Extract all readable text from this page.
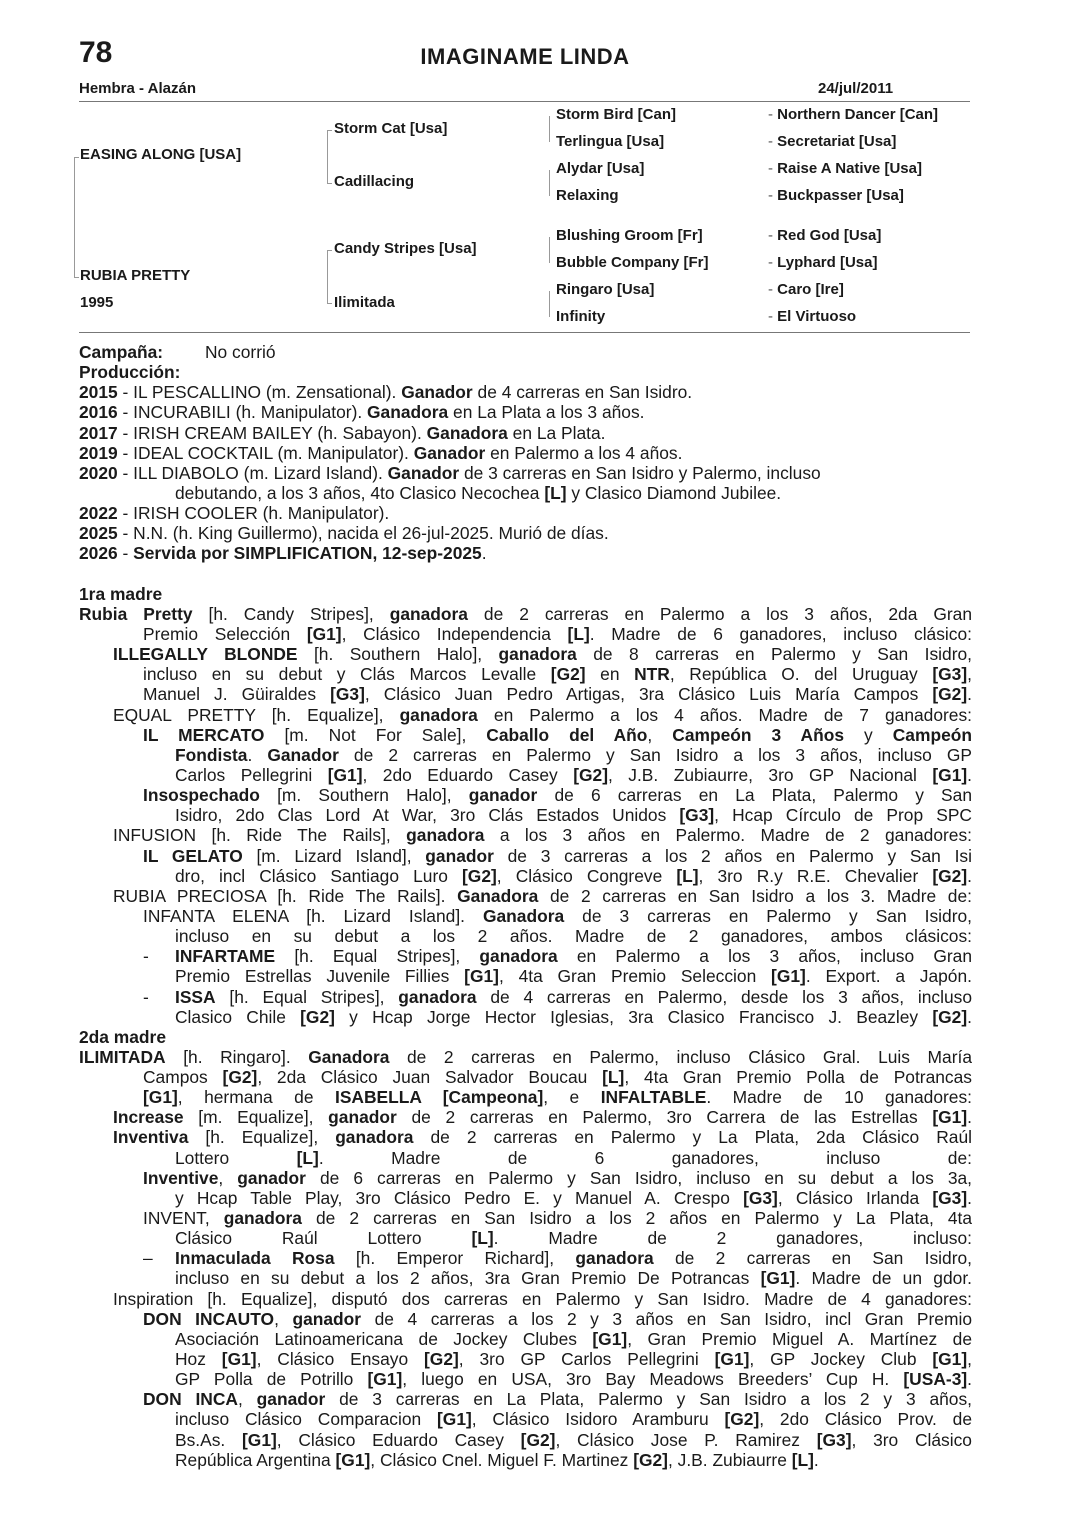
78	IMAGINAME LINDA
Hembra - Alazán	24/jul/2011
EASING ALONG [USA]
RUBIA PRETTY
1995
Storm Cat [Usa]
Cadillacing
Candy Stripes [Usa]
Ilimitada
Storm Bird [Can]
Terlingua [Usa]
Alydar [Usa]
Relaxing
Blushing Groom [Fr]
Bubble Company [Fr]
Ringaro [Usa]
Infinity
- Northern Dancer [Can]
- Secretariat [Usa]
- Raise A Native [Usa]
- Buckpasser [Usa]
- Red God [Usa]
- Lyphard [Usa]
- Caro [Ire]
- El Virtuoso
Campaña: No corrió
Producción:
2015 - IL PESCALLINO (m. Zensational). Ganador de 4 carreras en San Isidro.
2016 - INCURABILI (h. Manipulator). Ganadora en La Plata a los 3 años.
2017 - IRISH CREAM BAILEY (h. Sabayon). Ganadora en La Plata.
2019 - IDEAL COCKTAIL (m. Manipulator). Ganador en Palermo a los 4 años.
2020 - ILL DIABOLO (m. Lizard Island). Ganador de 3 carreras en San Isidro y Palermo, incluso
debutando, a los 3 años, 4to Clasico Necochea [L] y Clasico Diamond Jubilee.
2022 - IRISH COOLER (h. Manipulator).
2025 - N.N. (h. King Guillermo), nacida el 26-jul-2025. Murió de días.
2026 - Servida por SIMPLIFICATION, 12-sep-2025.
1ra madre
Rubia Pretty [h. Candy Stripes], ganadora de 2 carreras en Palermo a los 3 años, 2da Gran
Premio Selección [G1], Clásico Independencia [L]. Madre de 6 ganadores, incluso clásico:
ILLEGALLY BLONDE [h. Southern Halo], ganadora de 8 carreras en Palermo y San Isidro,
incluso en su debut y Clás Marcos Levalle [G2] en NTR, República O. del Uruguay [G3],
Manuel J. Güiraldes [G3], Clásico Juan Pedro Artigas, 3ra Clásico Luis María Campos [G2].
EQUAL PRETTY [h. Equalize], ganadora en Palermo a los 4 años. Madre de 7 ganadores:
IL MERCATO [m. Not For Sale], Caballo del Año, Campeón 3 Años y Campeón
Fondista. Ganador de 2 carreras en Palermo y San Isidro a los 3 años, incluso GP
Carlos Pellegrini [G1], 2do Eduardo Casey [G2], J.B. Zubiaurre, 3ro GP Nacional [G1].
Insospechado [m. Southern Halo], ganador de 6 carreras en La Plata, Palermo y San
Isidro, 2do Clas Lord At War, 3ro Clás Estados Unidos [G3], Hcap Círculo de Prop SPC
INFUSION [h. Ride The Rails], ganadora a los 3 años en Palermo. Madre de 2 ganadores:
IL GELATO [m. Lizard Island], ganador de 3 carreras a los 2 años en Palermo y San Isi
dro, incl Clásico Santiago Luro [G2], Clásico Congreve [L], 3ro R.y R.E. Chevalier [G2].
RUBIA PRECIOSA [h. Ride The Rails]. Ganadora de 2 carreras en San Isidro a los 3. Madre de:
INFANTA ELENA [h. Lizard Island]. Ganadora de 3 carreras en Palermo y San Isidro,
incluso en su debut a los 2 años. Madre de 2 ganadores, ambos clásicos:
- INFARTAME [h. Equal Stripes], ganadora en Palermo a los 3 años, incluso Gran
Premio Estrellas Juvenile Fillies [G1], 4ta Gran Premio Seleccion [G1]. Export. a Japón.
- ISSA [h. Equal Stripes], ganadora de 4 carreras en Palermo, desde los 3 años, incluso
Clasico Chile [G2] y Hcap Jorge Hector Iglesias, 3ra Clasico Francisco J. Beazley [G2].
2da madre
ILIMITADA [h. Ringaro]. Ganadora de 2 carreras en Palermo, incluso Clásico Gral. Luis María
Campos [G2], 2da Clásico Juan Salvador Boucau [L], 4ta Gran Premio Polla de Potrancas
[G1], hermana de ISABELLA [Campeona], e INFALTABLE. Madre de 10 ganadores:
Increase [m. Equalize], ganador de 2 carreras en Palermo, 3ro Carrera de las Estrellas [G1].
Inventiva [h. Equalize], ganadora de 2 carreras en Palermo y La Plata, 2da Clásico Raúl
Lottero [L]. Madre de 6 ganadores, incluso de:
Inventive, ganador de 6 carreras en Palermo y San Isidro, incluso en su debut a los 3a,
y Hcap Table Play, 3ro Clásico Pedro E. y Manuel A. Crespo [G3], Clásico Irlanda [G3].
INVENT, ganadora de 2 carreras en San Isidro a los 2 años en Palermo y La Plata, 4ta
Clásico Raúl Lottero [L]. Madre de 2 ganadores, incluso:
– Inmaculada Rosa [h. Emperor Richard], ganadora de 2 carreras en San Isidro,
incluso en su debut a los 2 años, 3ra Gran Premio De Potrancas [G1]. Madre de un gdor.
Inspiration [h. Equalize], disputó dos carreras en Palermo y San Isidro. Madre de 4 ganadores:
DON INCAUTO, ganador de 4 carreras a los 2 y 3 años en San Isidro, incl Gran Premio
Asociación Latinoamericana de Jockey Clubes [G1], Gran Premio Miguel A. Martínez de
Hoz [G1], Clásico Ensayo [G2], 3ro GP Carlos Pellegrini [G1], GP Jockey Club [G1],
GP Polla de Potrillo [G1], luego en USA, 3ro Bay Meadows Breeders’ Cup H. [USA-3].
DON INCA, ganador de 3 carreras en La Plata, Palermo y San Isidro a los 2 y 3 años,
incluso Clásico Comparacion [G1], Clásico Isidoro Aramburu [G2], 2do Clásico Prov. de
Bs.As. [G1], Clásico Eduardo Casey [G2], Clásico Jose P. Ramirez [G3], 3ro Clásico
República Argentina [G1], Clásico Cnel. Miguel F. Martinez [G2], J.B. Zubiaurre [L].
